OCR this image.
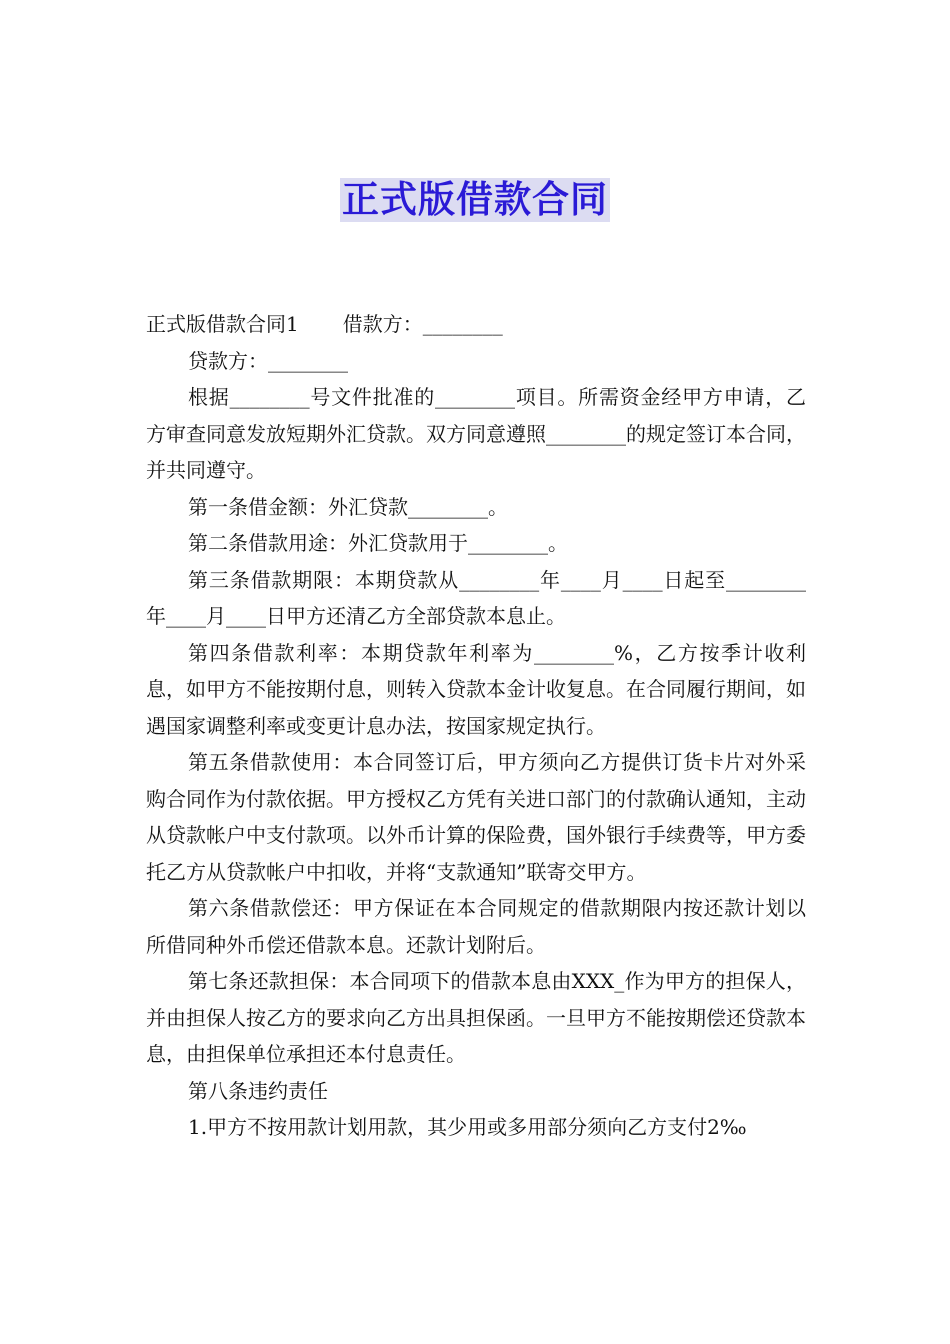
正式版借款合同

正式版借款合同1 借款方：________

贷款方：________

根据________号文件批准的________项目。所需资金经甲方申请，乙方审查同意发放短期外汇贷款。双方同意遵照________的规定签订本合同，并共同遵守。

第一条借金额：外汇贷款________。

第二条借款用途：外汇贷款用于________。

第三条借款期限：本期贷款从________年____月____日起至________年____月____日甲方还清乙方全部贷款本息止。

第四条借款利率：本期贷款年利率为________%，乙方按季计收利息，如甲方不能按期付息，则转入贷款本金计收复息。在合同履行期间，如遇国家调整利率或变更计息办法，按国家规定执行。

第五条借款使用：本合同签订后，甲方须向乙方提供订货卡片对外采购合同作为付款依据。甲方授权乙方凭有关进口部门的付款确认通知，主动从贷款帐户中支付款项。以外币计算的保险费，国外银行手续费等，甲方委托乙方从贷款帐户中扣收，并将“支款通知”联寄交甲方。

第六条借款偿还：甲方保证在本合同规定的借款期限内按还款计划以所借同种外币偿还借款本息。还款计划附后。

第七条还款担保：本合同项下的借款本息由XXX_作为甲方的担保人，并由担保人按乙方的要求向乙方出具担保函。一旦甲方不能按期偿还贷款本息，由担保单位承担还本付息责任。

第八条违约责任

1.甲方不按用款计划用款，其少用或多用部分须向乙方支付2‰
